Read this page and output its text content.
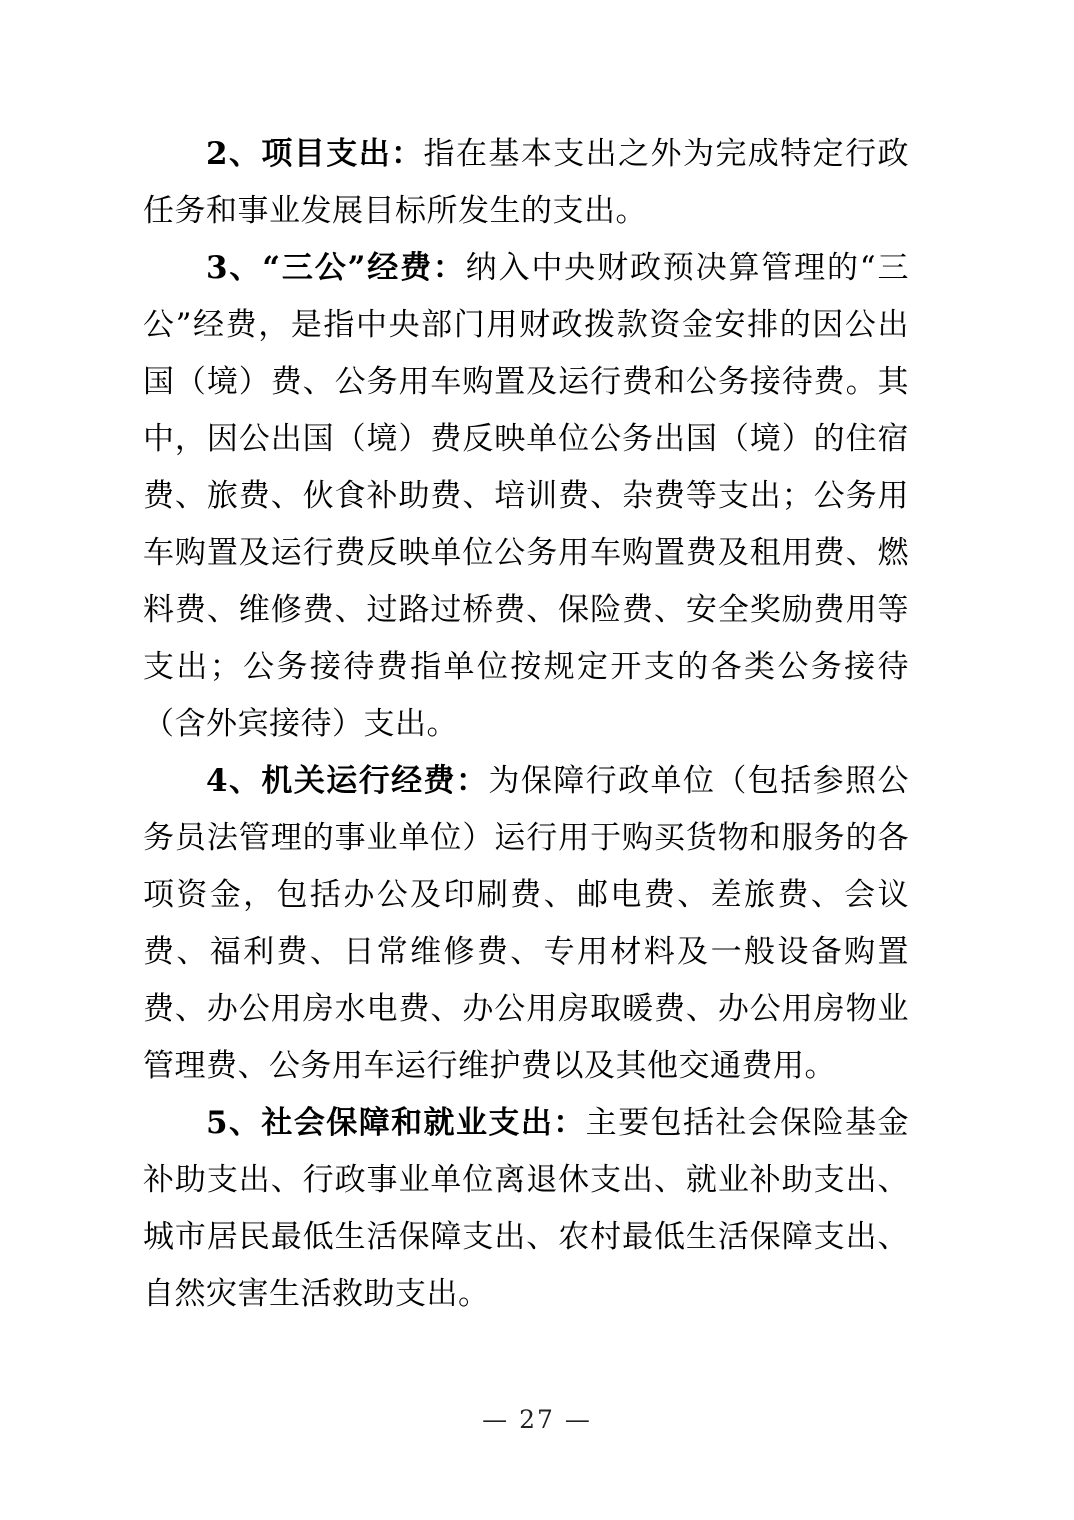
2、项目支出：指在基本支出之外为完成特定行政任务和事业发展目标所发生的支出。

3、“三公”经费：纳入中央财政预决算管理的“三公”经费，是指中央部门用财政拨款资金安排的因公出国（境）费、公务用车购置及运行费和公务接待费。其中，因公出国（境）费反映单位公务出国（境）的住宿费、旅费、伙食补助费、培训费、杂费等支出；公务用车购置及运行费反映单位公务用车购置费及租用费、燃料费、维修费、过路过桥费、保险费、安全奖励费用等支出；公务接待费指单位按规定开支的各类公务接待（含外宾接待）支出。

4、机关运行经费：为保障行政单位（包括参照公务员法管理的事业单位）运行用于购买货物和服务的各项资金，包括办公及印刷费、邮电费、差旅费、会议费、福利费、日常维修费、专用材料及一般设备购置费、办公用房水电费、办公用房取暖费、办公用房物业管理费、公务用车运行维护费以及其他交通费用。

5、社会保障和就业支出：主要包括社会保险基金补助支出、行政事业单位离退休支出、就业补助支出、城市居民最低生活保障支出、农村最低生活保障支出、自然灾害生活救助支出。

— 27 —
